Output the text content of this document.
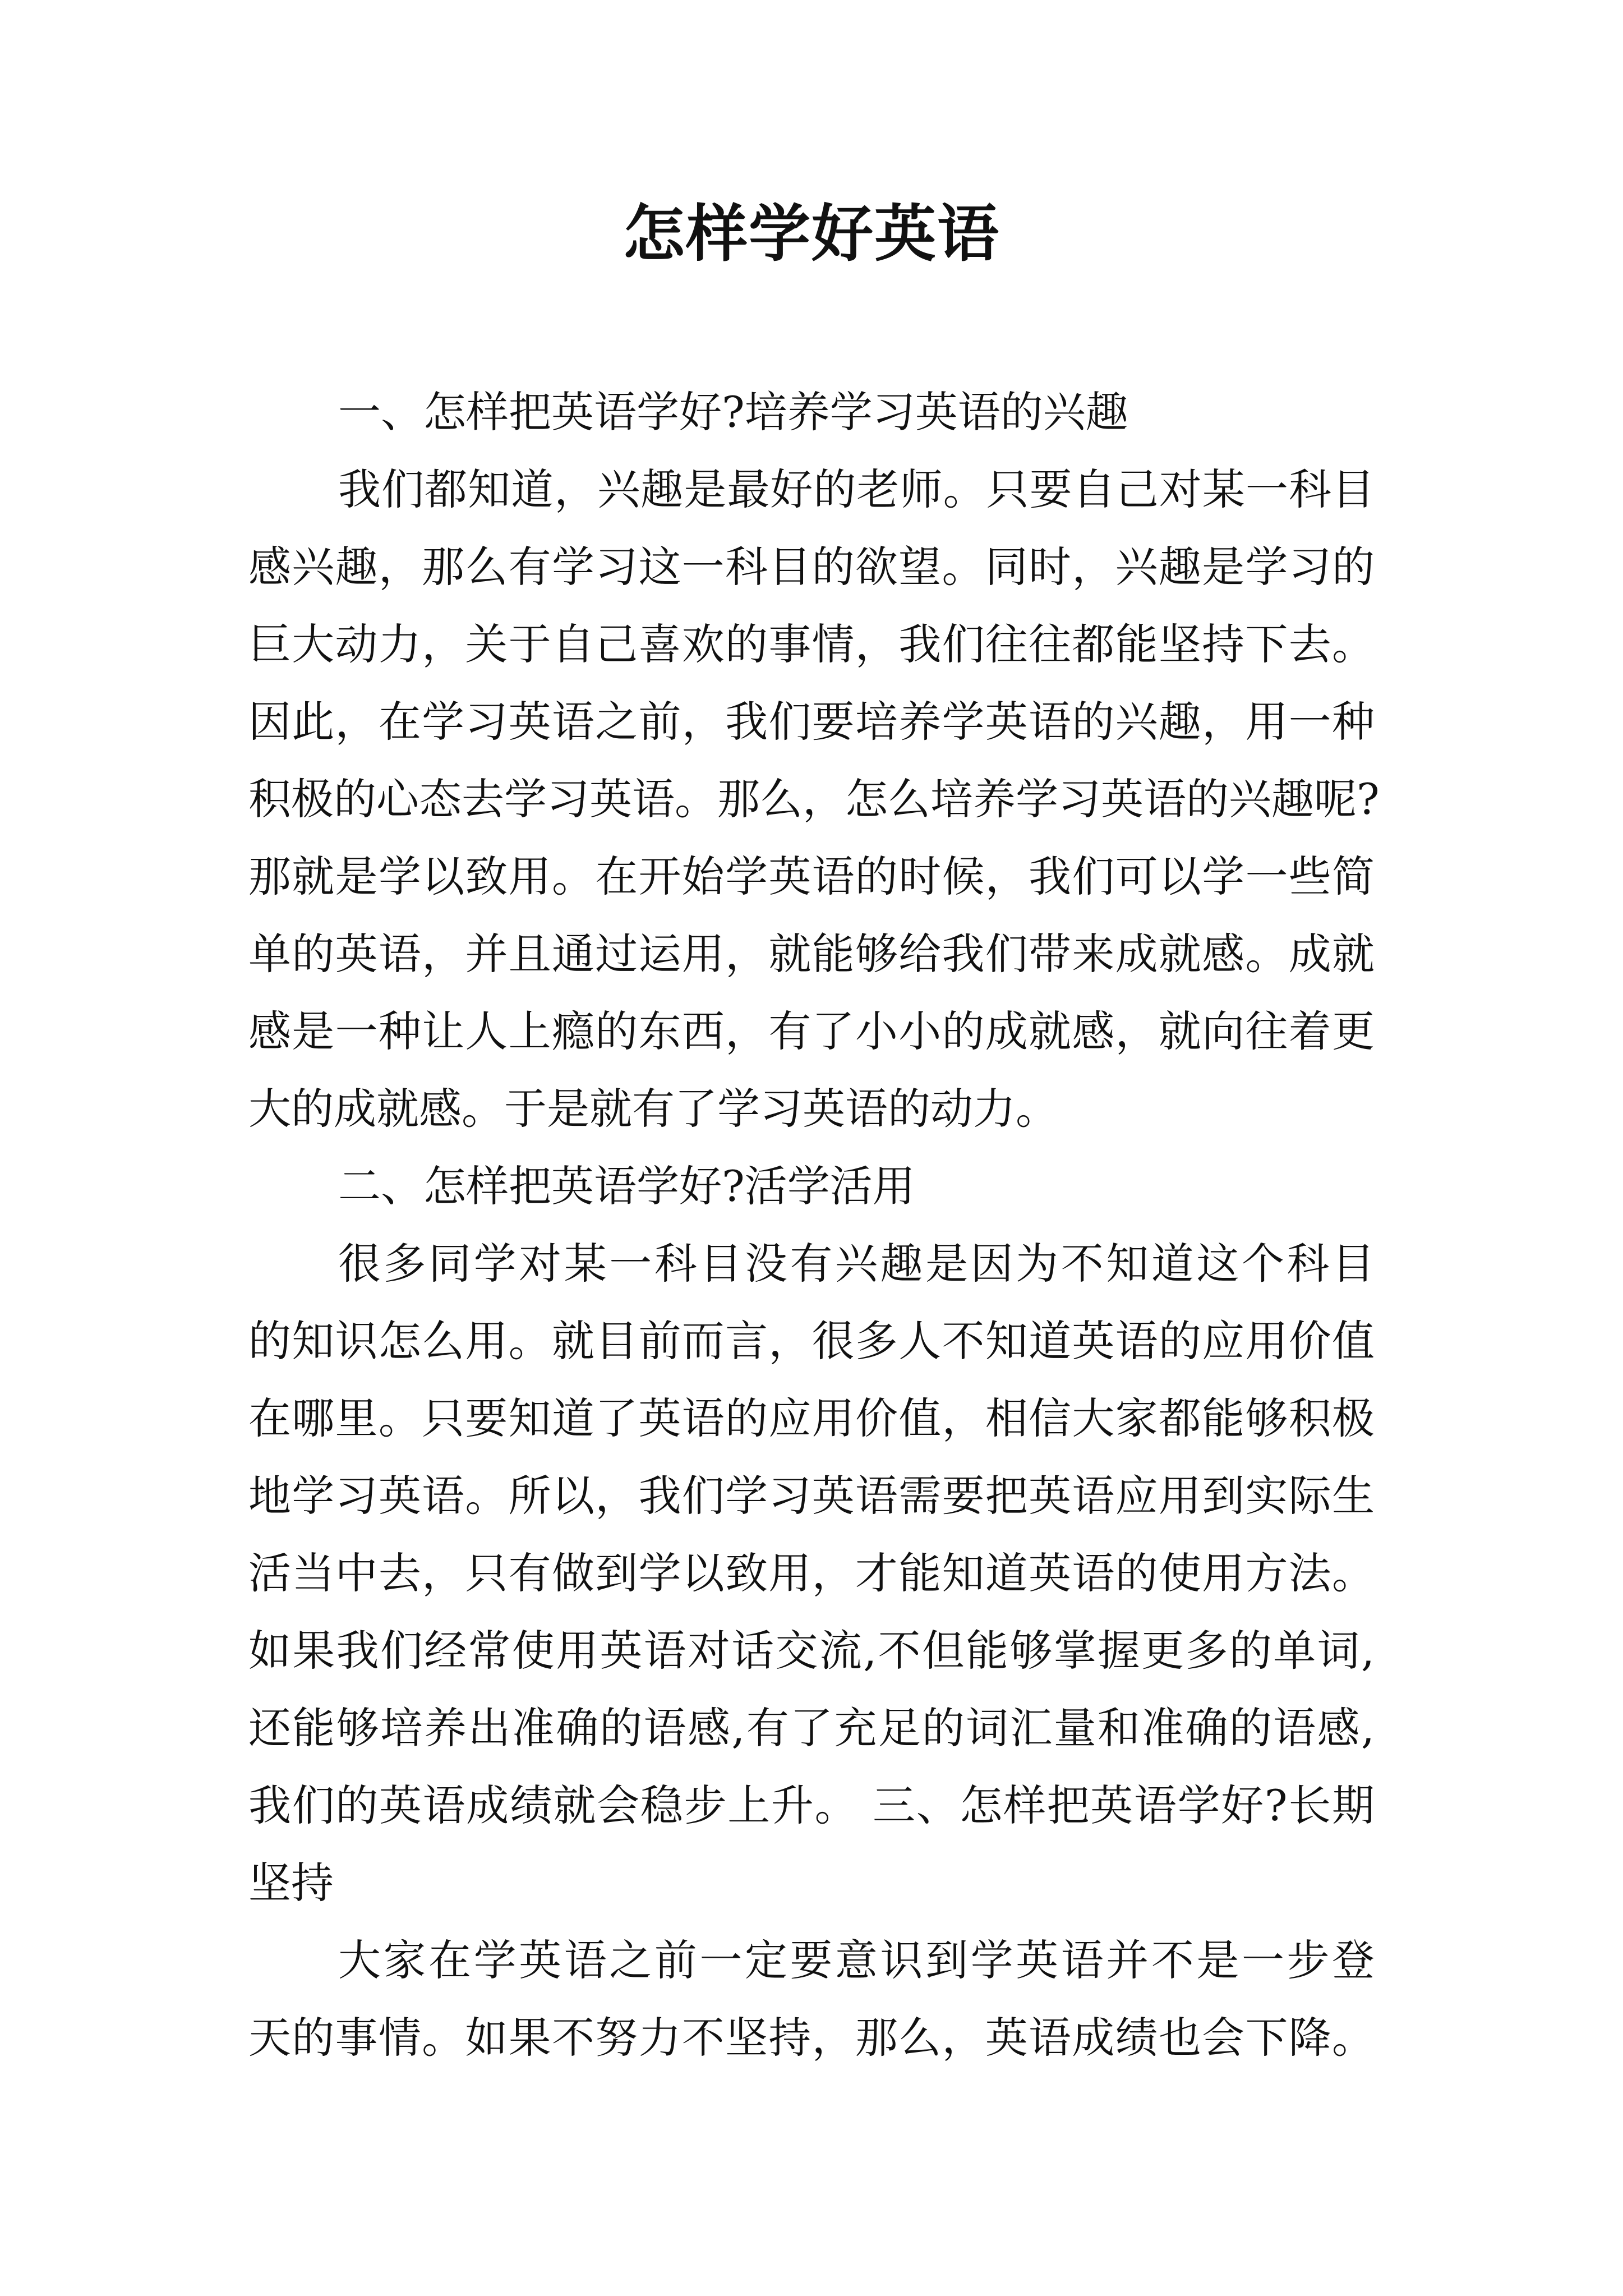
怎样学好英语
一、怎样把英语学好?培养学习英语的兴趣
我们都知道，兴趣是最好的老师。只要自己对某一科目
感兴趣，那么有学习这一科目的欲望。同时，兴趣是学习的
巨大动力，关于自己喜欢的事情，我们往往都能坚持下去。
因此，在学习英语之前，我们要培养学英语的兴趣，用一种
积极的心态去学习英语。那么，怎么培养学习英语的兴趣呢?
那就是学以致用。在开始学英语的时候，我们可以学一些简
单的英语，并且通过运用，就能够给我们带来成就感。成就
感是一种让人上瘾的东西，有了小小的成就感，就向往着更
大的成就感。于是就有了学习英语的动力。
二、怎样把英语学好?活学活用
很多同学对某一科目没有兴趣是因为不知道这个科目
的知识怎么用。就目前而言，很多人不知道英语的应用价值
在哪里。只要知道了英语的应用价值，相信大家都能够积极
地学习英语。所以，我们学习英语需要把英语应用到实际生
活当中去，只有做到学以致用，才能知道英语的使用方法。
如果我们经常使用英语对话交流,不但能够掌握更多的单词,
还能够培养出准确的语感,有了充足的词汇量和准确的语感,
我们的英语成绩就会稳步上升。 三、怎样把英语学好?长期
坚持
大家在学英语之前一定要意识到学英语并不是一步登
天的事情。如果不努力不坚持，那么，英语成绩也会下降。
